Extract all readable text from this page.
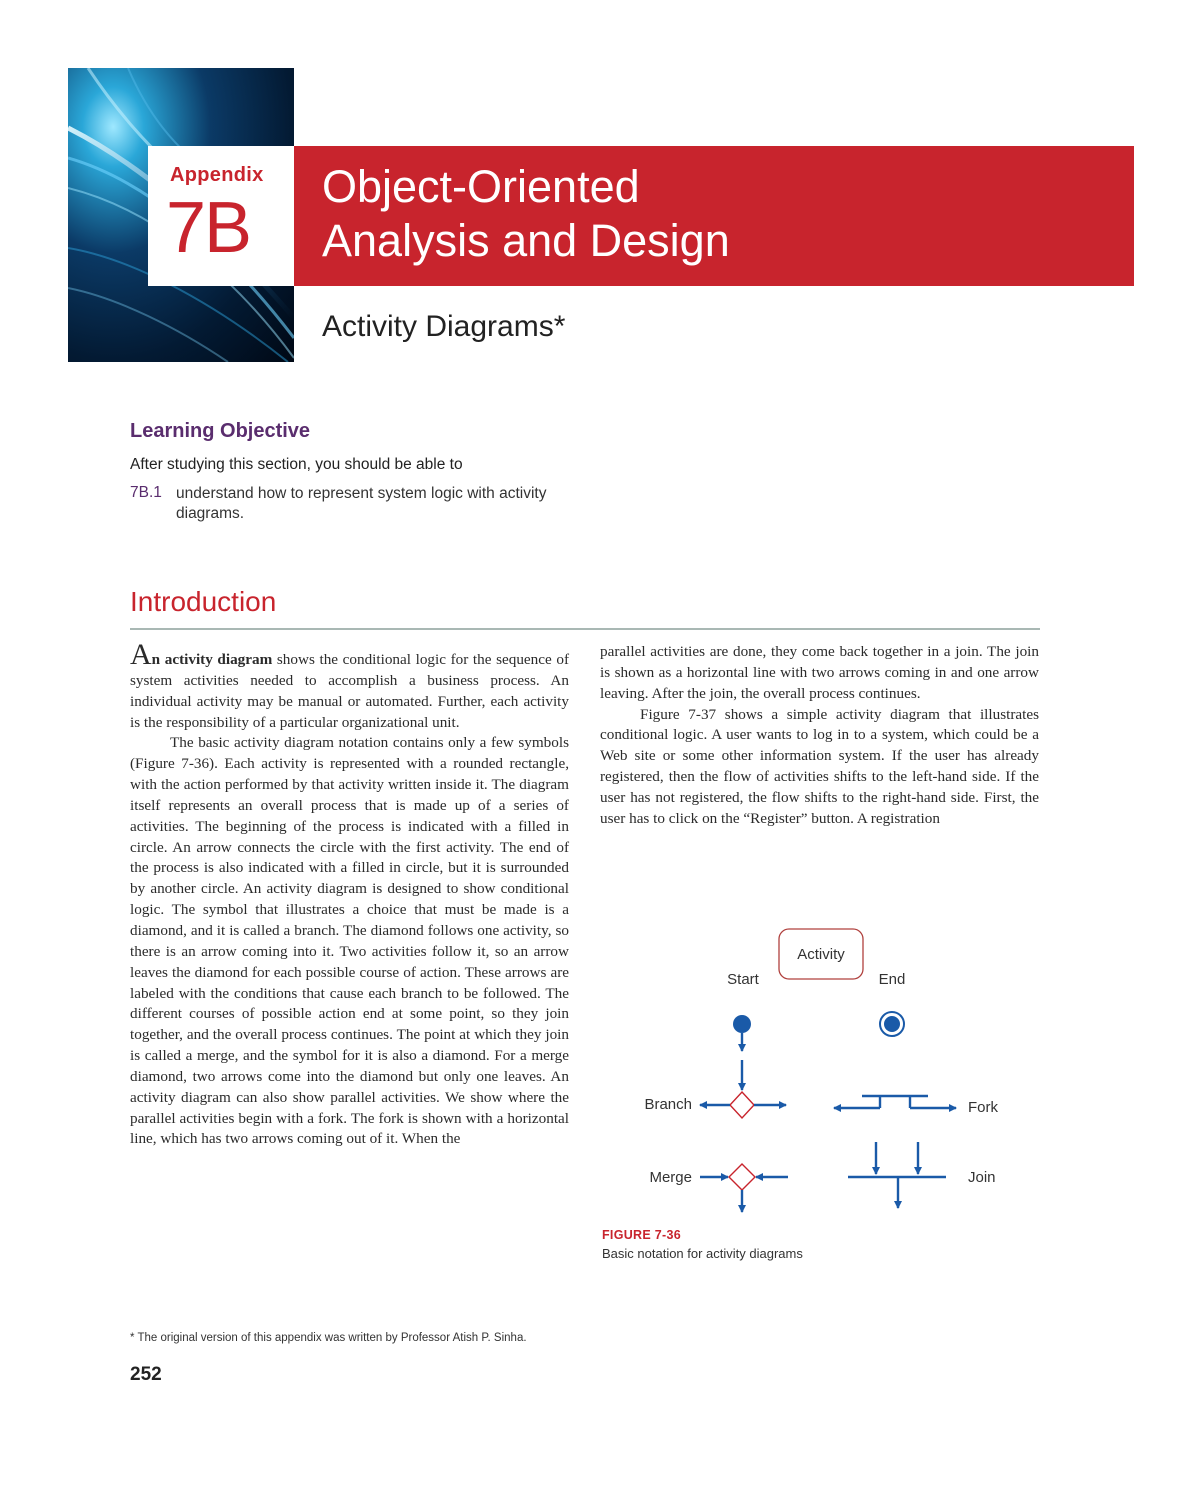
Appendix
7B
Object-Oriented
Analysis and Design
Activity Diagrams*
Learning Objective
After studying this section, you should be able to
7B.1 understand how to represent system logic with activity diagrams.
Introduction

An activity diagram shows the conditional logic for the sequence of system activities needed to accomplish a business process. An individual activity may be manual or automated. Further, each activity is the responsibility of a particular organizational unit.

The basic activity diagram notation contains only a few symbols (Figure 7-36). Each activity is represented with a rounded rectangle, with the action performed by that activity written inside it. The diagram itself represents an overall process that is made up of a series of activities. The beginning of the process is indicated with a filled in circle. An arrow connects the circle with the first activity. The end of the process is also indicated with a filled in circle, but it is surrounded by another circle. An activity diagram is designed to show conditional logic. The symbol that illustrates a choice that must be made is a diamond, and it is called a branch. The diamond follows one activity, so there is an arrow coming into it. Two activities follow it, so an arrow leaves the diamond for each possible course of action. These arrows are labeled with the conditions that cause each branch to be followed. The different courses of possible action end at some point, so they join together, and the overall process continues. The point at which they join is called a merge, and the symbol for it is also a diamond. For a merge diamond, two arrows come into the diamond but only one leaves. An activity diagram can also show parallel activities. We show where the parallel activities begin with a fork. The fork is shown with a horizontal line, which has two arrows coming out of it. When the

parallel activities are done, they come back together in a join. The join is shown as a horizontal line with two arrows coming in and one arrow leaving. After the join, the overall process continues.

Figure 7-37 shows a simple activity diagram that illustrates conditional logic. A user wants to log in to a system, which could be a Web site or some other information system. If the user has already registered, then the flow of activities shifts to the left-hand side. If the user has not registered, the flow shifts to the right-hand side. First, the user has to click on the “Register” button. A registration

Activity
Start	End
Branch	Fork
Merge	Join
FIGURE 7-36
Basic notation for activity diagrams
* The original version of this appendix was written by Professor Atish P. Sinha.
252
